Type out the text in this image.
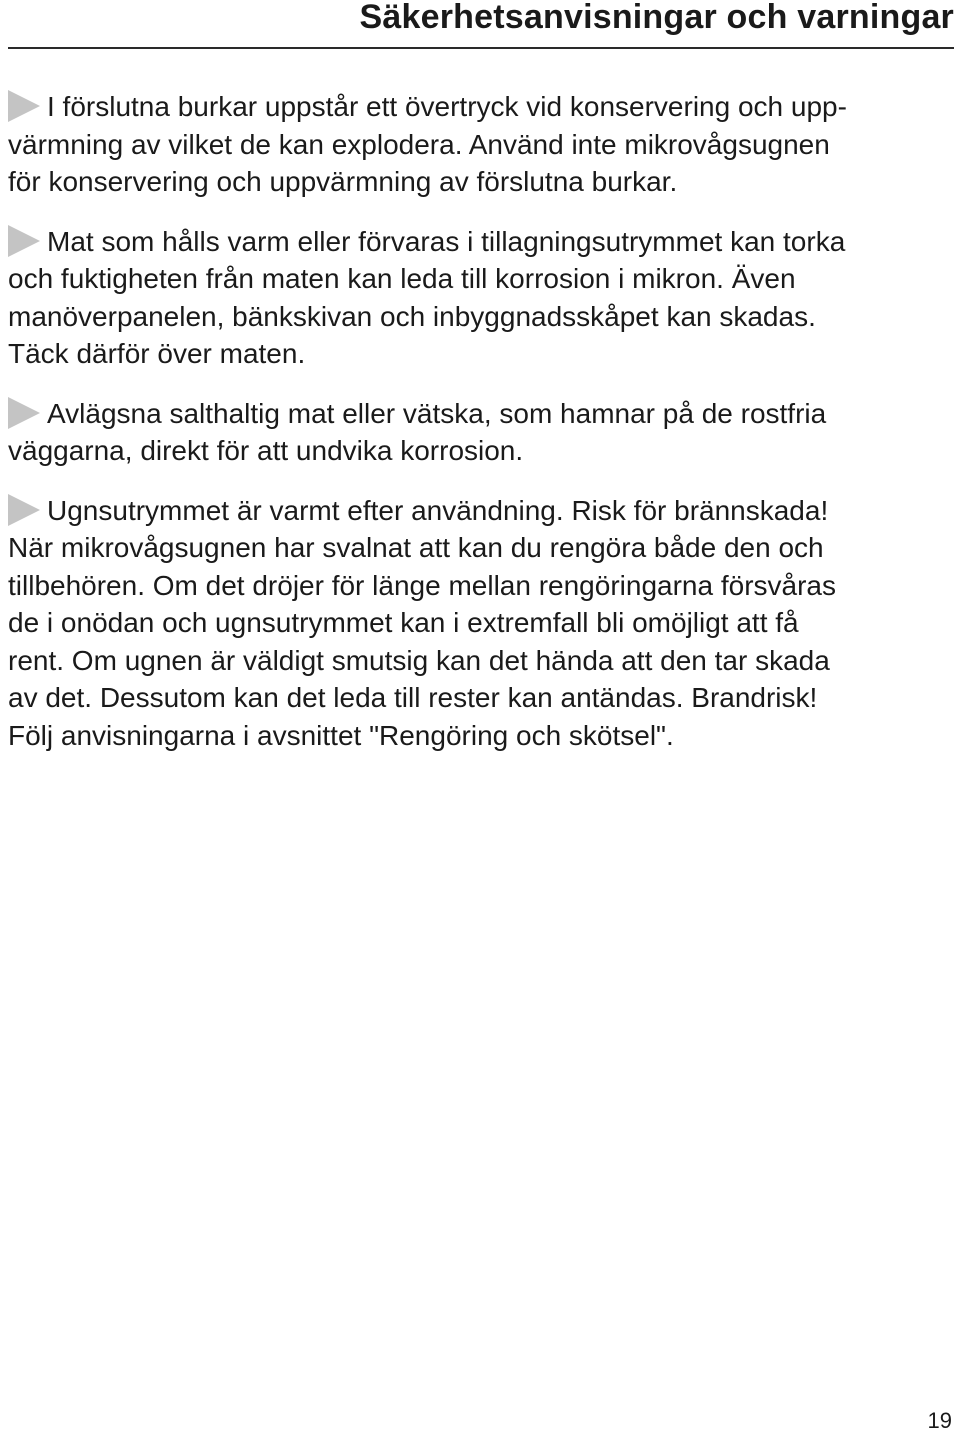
Säkerhetsanvisningar och varningar

I förslutna burkar uppstår ett övertryck vid konservering och upp-
värmning av vilket de kan explodera. Använd inte mikrovågsugnen
för konservering och uppvärmning av förslutna burkar.

Mat som hålls varm eller förvaras i tillagningsutrymmet kan torka
och fuktigheten från maten kan leda till korrosion i mikron. Även
manöverpanelen, bänkskivan och inbyggnadsskåpet kan skadas.
Täck därför över maten.

Avlägsna salthaltig mat eller vätska, som hamnar på de rostfria
väggarna, direkt för att undvika korrosion.

Ugnsutrymmet är varmt efter användning. Risk för brännskada!
När mikrovågsugnen har svalnat att kan du rengöra både den och
tillbehören. Om det dröjer för länge mellan rengöringarna försvåras
de i onödan och ugnsutrymmet kan i extremfall bli omöjligt att få
rent. Om ugnen är väldigt smutsig kan det hända att den tar skada
av det. Dessutom kan det leda till rester kan antändas. Brandrisk!
Följ anvisningarna i avsnittet "Rengöring och skötsel".

19
